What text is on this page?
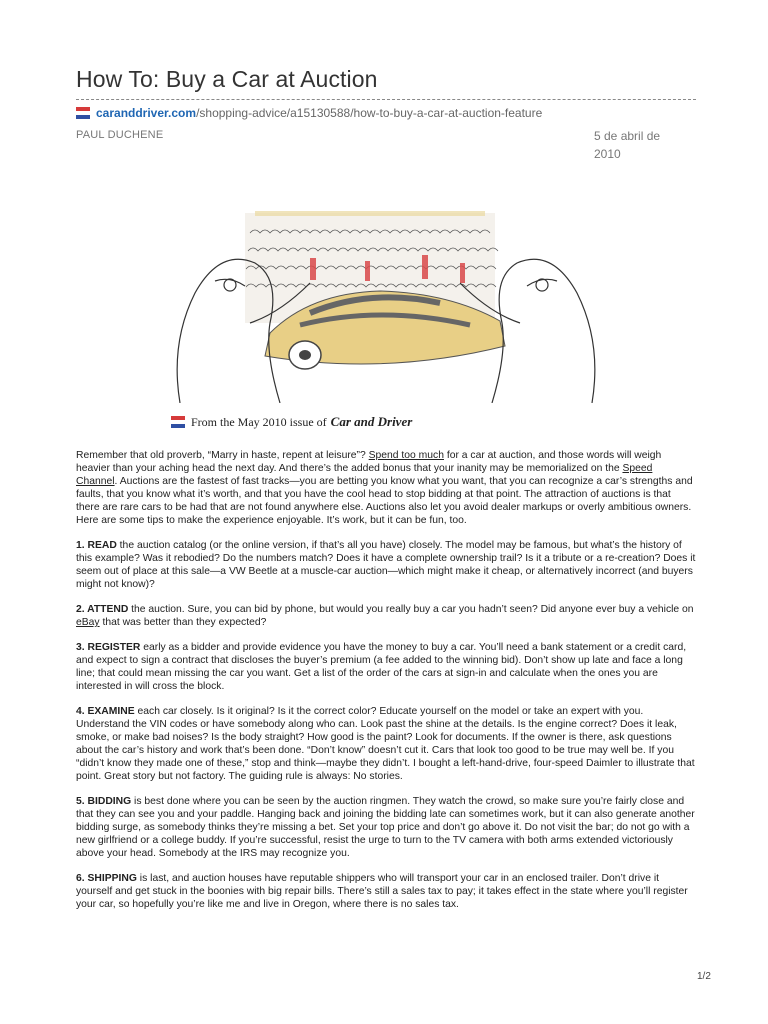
How To: Buy a Car at Auction
caranddriver.com /shopping-advice/a15130588/how-to-buy-a-car-at-auction-feature
PAUL DUCHENE	5 de abril de 2010
From the May 2010 issue of Car and Driver

Remember that old proverb, “Marry in haste, repent at leisure”? Spend too much for a car at auction, and those words will weigh heavier than your aching head the next day. And there’s the added bonus that your inanity may be memorialized on the Speed Channel. Auctions are the fastest of fast tracks—you are betting you know what you want, that you can recognize a car’s strengths and faults, that you know what it’s worth, and that you have the cool head to stop bidding at that point. The attraction of auctions is that there are rare cars to be had that are not found anywhere else. Auctions also let you avoid dealer markups or overly ambitious owners. Here are some tips to make the experience enjoyable. It’s work, but it can be fun, too.

1. READ the auction catalog (or the online version, if that’s all you have) closely. The model may be famous, but what’s the history of this example? Was it rebodied? Do the numbers match? Does it have a complete ownership trail? Is it a tribute or a re-creation? Does it seem out of place at this sale—a VW Beetle at a muscle-car auction—which might make it cheap, or alternatively incorrect (and buyers might not know)?

2. ATTEND the auction. Sure, you can bid by phone, but would you really buy a car you hadn’t seen? Did anyone ever buy a vehicle on eBay that was better than they expected?

3. REGISTER early as a bidder and provide evidence you have the money to buy a car. You’ll need a bank statement or a credit card, and expect to sign a contract that discloses the buyer’s premium (a fee added to the winning bid). Don’t show up late and face a long line; that could mean missing the car you want. Get a list of the order of the cars at sign-in and calculate when the ones you are interested in will cross the block.

4. EXAMINE each car closely. Is it original? Is it the correct color? Educate yourself on the model or take an expert with you. Understand the VIN codes or have somebody along who can. Look past the shine at the details. Is the engine correct? Does it leak, smoke, or make bad noises? Is the body straight? How good is the paint? Look for documents. If the owner is there, ask questions about the car’s history and work that’s been done. “Don’t know” doesn’t cut it. Cars that look too good to be true may well be. If you “didn’t know they made one of these,” stop and think—maybe they didn’t. I bought a left-hand-drive, four-speed Daimler to illustrate that point. Great story but not factory. The guiding rule is always: No stories.

5. BIDDING is best done where you can be seen by the auction ringmen. They watch the crowd, so make sure you’re fairly close and that they can see you and your paddle. Hanging back and joining the bidding late can sometimes work, but it can also generate another bidding surge, as somebody thinks they’re missing a bet. Set your top price and don’t go above it. Do not visit the bar; do not go with a new girlfriend or a college buddy. If you’re successful, resist the urge to turn to the TV camera with both arms extended victoriously above your head. Somebody at the IRS may recognize you.

6. SHIPPING is last, and auction houses have reputable shippers who will transport your car in an enclosed trailer. Don’t drive it yourself and get stuck in the boonies with big repair bills. There’s still a sales tax to pay; it takes effect in the state where you’ll register your car, so hopefully you’re like me and live in Oregon, where there is no sales tax.

1/2
